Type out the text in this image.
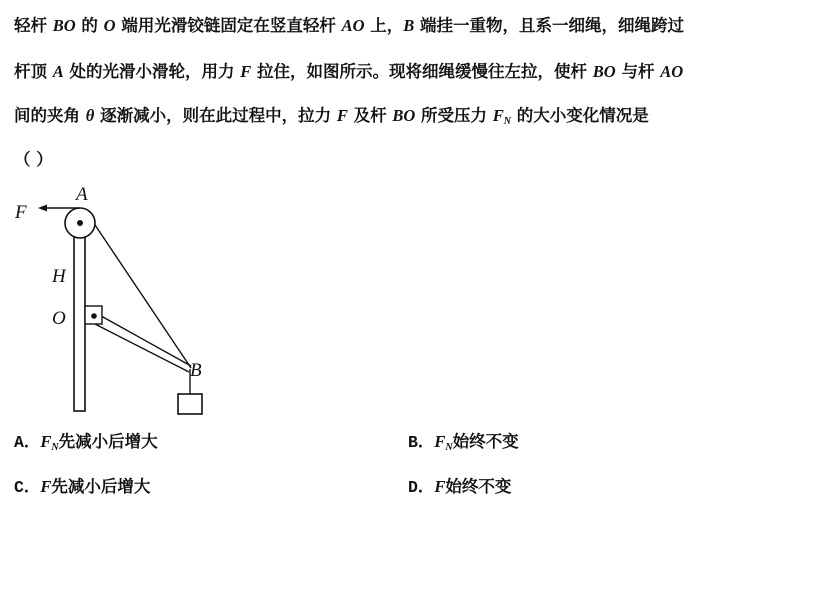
轻杆 BO 的 O 端用光滑铰链固定在竖直轻杆 AO 上，B 端挂一重物，且系一细绳，细绳跨过
杆顶 A 处的光滑小滑轮，用力 F 拉住，如图所示。现将细绳缓慢往左拉，使杆 BO 与杆 AO
间的夹角 θ 逐渐减小，则在此过程中，拉力 F 及杆 BO 所受压力 $F_N$ 的大小变化情况是
（ ）
F
A
H
O
B
A．$F_N$先减小后增大	B．$F_N$始终不变
C．F先减小后增大	D．F始终不变
